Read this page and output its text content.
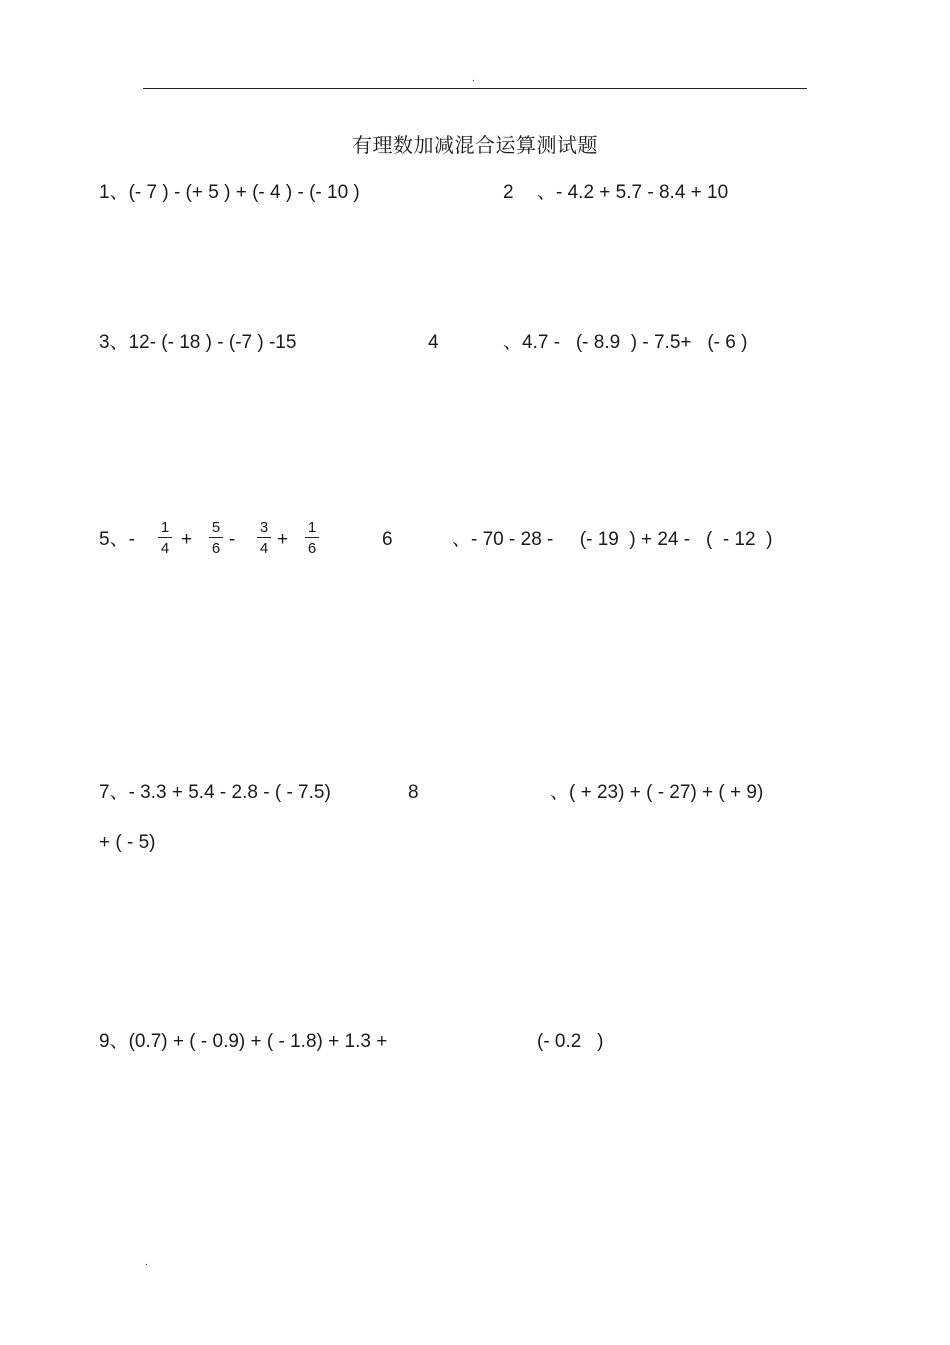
.
有理数加减混合运算测试题
1、(- 7 ) - (+ 5 ) + (- 4 ) - (- 10 )	2 、- 4.2 + 5.7 - 8.4 + 10
3、12- (- 18 ) - (-7 ) -15	4	、4.7 -   (- 8.9  ) - 7.5+   (- 6 )
5、-
1
4 +
5
6 -
3
4 +
1
6	6	、- 70 - 28 -     (- 19  ) + 24 -   (  - 12  )
7、- 3.3 + 5.4 - 2.8 - ( - 7.5)	8	、( + 23) + ( - 27) + ( + 9)
+ ( - 5)
9、(0.7) + ( - 0.9) + ( - 1.8) + 1.3 +	(- 0.2   )
.
